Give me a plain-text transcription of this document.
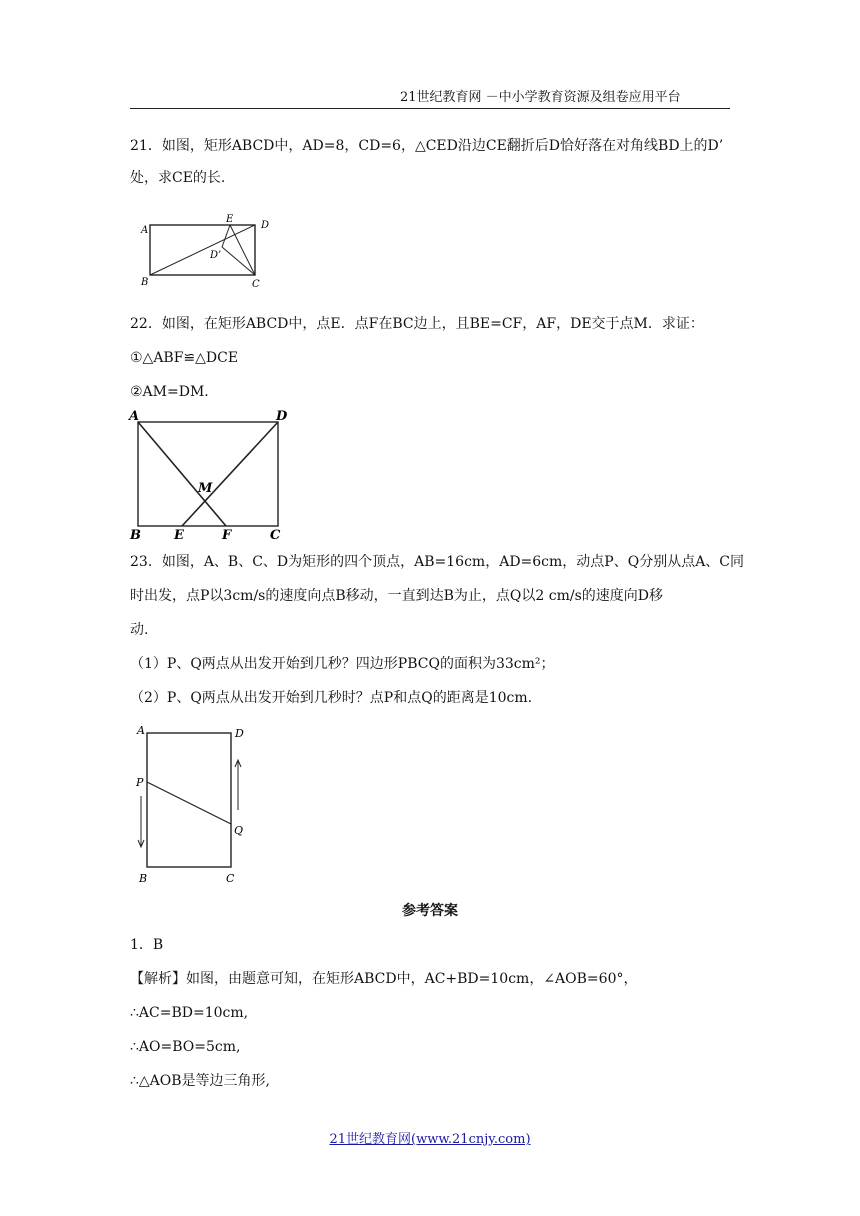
21世纪教育网 －中小学教育资源及组卷应用平台
21．如图，矩形ABCD中，AD=8，CD=6，△CED沿边CE翻折后D恰好落在对角线BD上的D’
处，求CE的长.
A
B	C
D
E
D’
22．如图，在矩形ABCD中，点E．点F在BC边上，且BE=CF，AF，DE交于点M．求证：
①△ABF≌△DCE
②AM=DM.
A	D
B	E	F	C
M
23．如图，A、B、C、D为矩形的四个顶点，AB=16cm，AD=6cm，动点P、Q分别从点A、C同
时出发，点P以3cm/s的速度向点B移动，一直到达B为止，点Q以2 cm/s的速度向D移
动.
（1）P、Q两点从出发开始到几秒？四边形PBCQ的面积为33cm²；
（2）P、Q两点从出发开始到几秒时？点P和点Q的距离是10cm.
A	D
P
Q
B	C
参考答案
1．B
【解析】如图，由题意可知，在矩形ABCD中，AC+BD=10cm，∠AOB=60°，
∴AC=BD=10cm,
∴AO=BO=5cm,
∴△AOB是等边三角形,
21世纪教育网(www.21cnjy.com)
